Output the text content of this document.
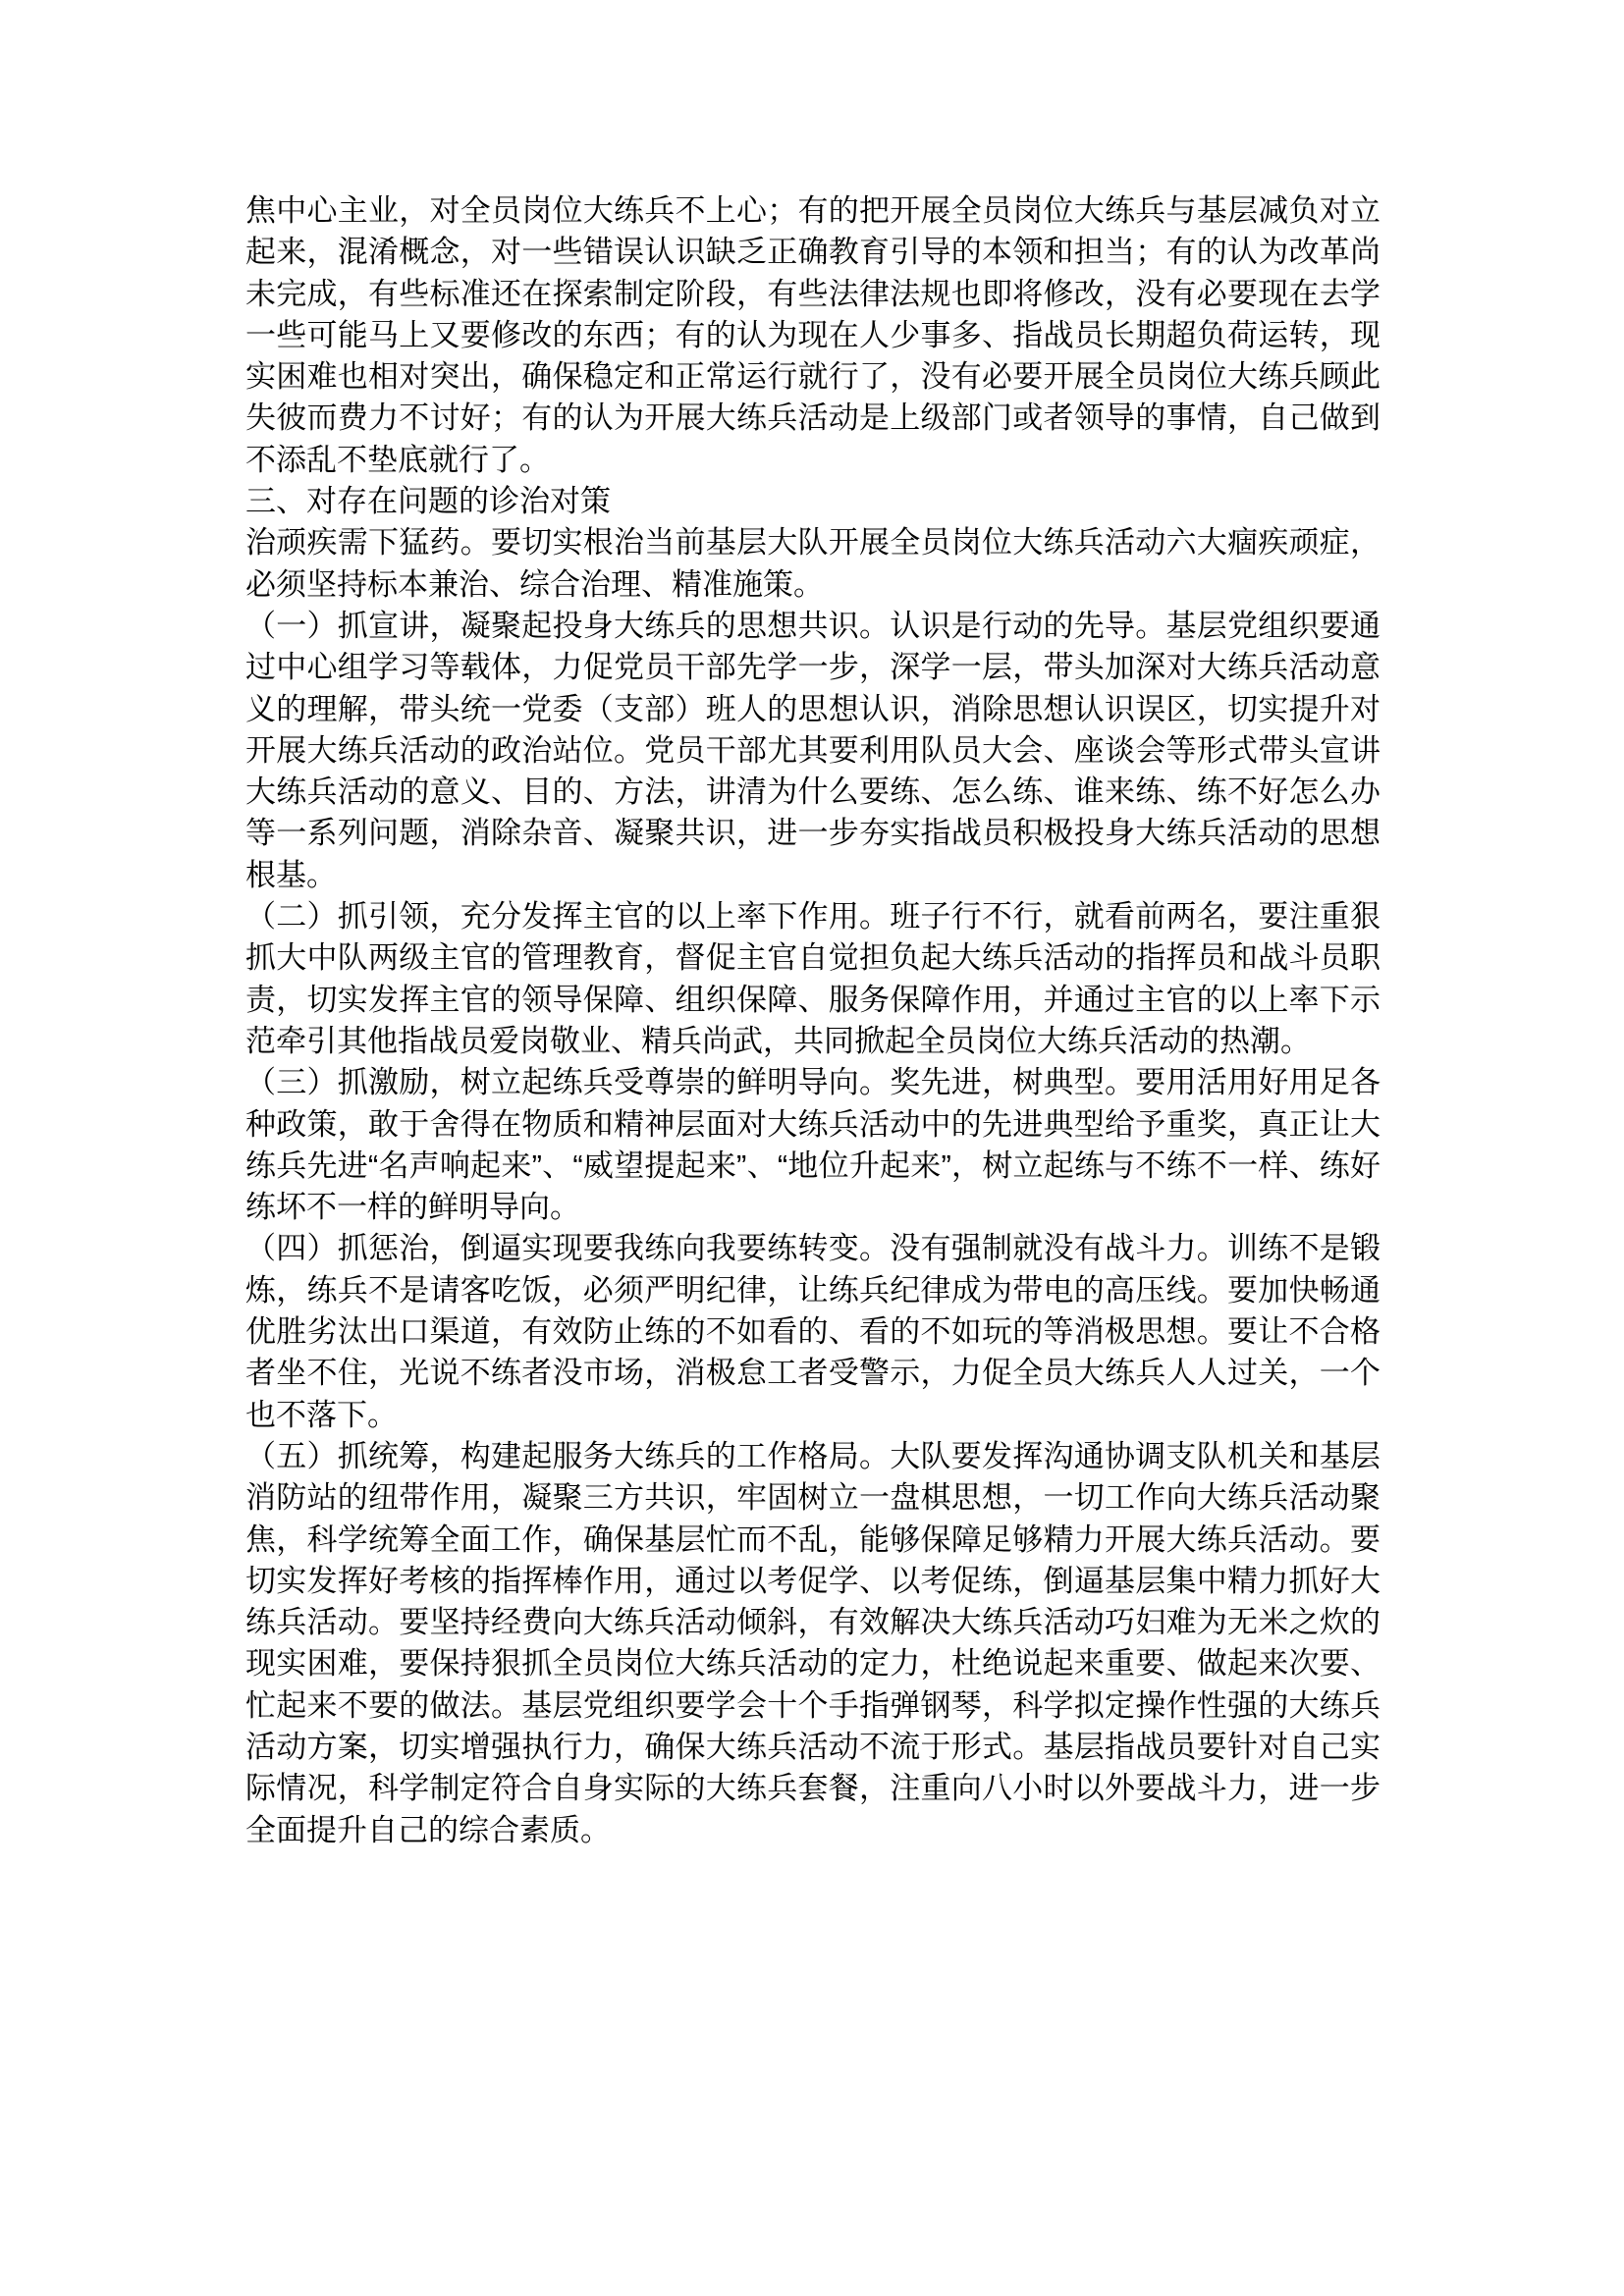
焦中心主业，对全员岗位大练兵不上心；有的把开展全员岗位大练兵与基层减负对立起来，混淆概念，对一些错误认识缺乏正确教育引导的本领和担当；有的认为改革尚未完成，有些标准还在探索制定阶段，有些法律法规也即将修改，没有必要现在去学一些可能马上又要修改的东西；有的认为现在人少事多、指战员长期超负荷运转，现实困难也相对突出，确保稳定和正常运行就行了，没有必要开展全员岗位大练兵顾此失彼而费力不讨好；有的认为开展大练兵活动是上级部门或者领导的事情，自己做到不添乱不垫底就行了。

三、对存在问题的诊治对策

治顽疾需下猛药。要切实根治当前基层大队开展全员岗位大练兵活动六大痼疾顽症，必须坚持标本兼治、综合治理、精准施策。

（一）抓宣讲，凝聚起投身大练兵的思想共识。认识是行动的先导。基层党组织要通过中心组学习等载体，力促党员干部先学一步，深学一层，带头加深对大练兵活动意义的理解，带头统一党委（支部）班人的思想认识，消除思想认识误区，切实提升对开展大练兵活动的政治站位。党员干部尤其要利用队员大会、座谈会等形式带头宣讲大练兵活动的意义、目的、方法，讲清为什么要练、怎么练、谁来练、练不好怎么办等一系列问题，消除杂音、凝聚共识，进一步夯实指战员积极投身大练兵活动的思想根基。

（二）抓引领，充分发挥主官的以上率下作用。班子行不行，就看前两名，要注重狠抓大中队两级主官的管理教育，督促主官自觉担负起大练兵活动的指挥员和战斗员职责，切实发挥主官的领导保障、组织保障、服务保障作用，并通过主官的以上率下示范牵引其他指战员爱岗敬业、精兵尚武，共同掀起全员岗位大练兵活动的热潮。

（三）抓激励，树立起练兵受尊崇的鲜明导向。奖先进，树典型。要用活用好用足各种政策，敢于舍得在物质和精神层面对大练兵活动中的先进典型给予重奖，真正让大练兵先进“名声响起来”、“威望提起来”、“地位升起来”，树立起练与不练不一样、练好练坏不一样的鲜明导向。

（四）抓惩治，倒逼实现要我练向我要练转变。没有强制就没有战斗力。训练不是锻炼，练兵不是请客吃饭，必须严明纪律，让练兵纪律成为带电的高压线。要加快畅通优胜劣汰出口渠道，有效防止练的不如看的、看的不如玩的等消极思想。要让不合格者坐不住，光说不练者没市场，消极怠工者受警示，力促全员大练兵人人过关，一个也不落下。

（五）抓统筹，构建起服务大练兵的工作格局。大队要发挥沟通协调支队机关和基层消防站的纽带作用，凝聚三方共识，牢固树立一盘棋思想，一切工作向大练兵活动聚焦，科学统筹全面工作，确保基层忙而不乱，能够保障足够精力开展大练兵活动。要切实发挥好考核的指挥棒作用，通过以考促学、以考促练，倒逼基层集中精力抓好大练兵活动。要坚持经费向大练兵活动倾斜，有效解决大练兵活动巧妇难为无米之炊的现实困难，要保持狠抓全员岗位大练兵活动的定力，杜绝说起来重要、做起来次要、忙起来不要的做法。基层党组织要学会十个手指弹钢琴，科学拟定操作性强的大练兵活动方案，切实增强执行力，确保大练兵活动不流于形式。基层指战员要针对自己实际情况，科学制定符合自身实际的大练兵套餐，注重向八小时以外要战斗力，进一步全面提升自己的综合素质。
